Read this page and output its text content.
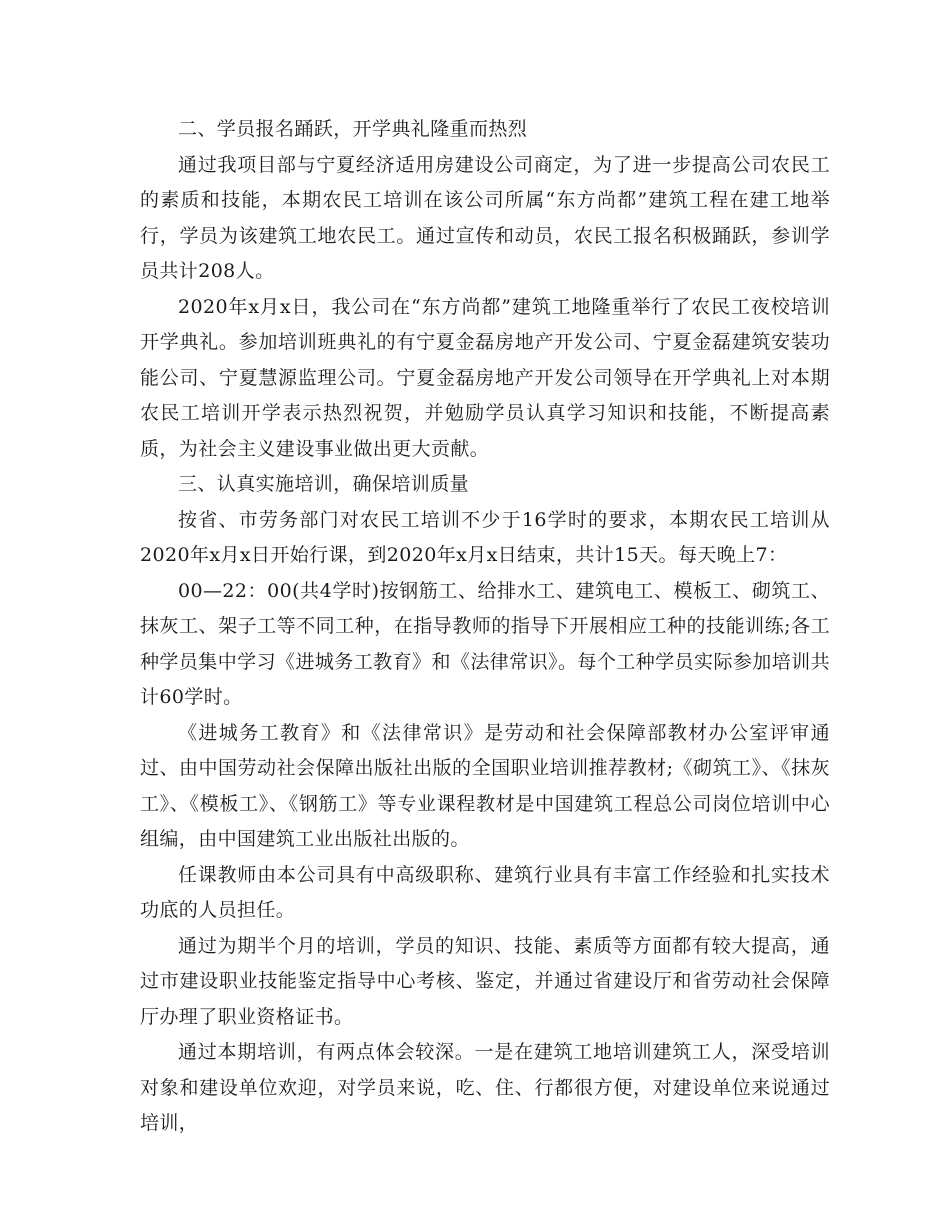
二、学员报名踊跃，开学典礼隆重而热烈

通过我项目部与宁夏经济适用房建设公司商定，为了进一步提高公司农民工的素质和技能，本期农民工培训在该公司所属“东方尚都”建筑工程在建工地举行，学员为该建筑工地农民工。通过宣传和动员，农民工报名积极踊跃，参训学员共计208人。

2020年x月x日，我公司在“东方尚都”建筑工地隆重举行了农民工夜校培训开学典礼。参加培训班典礼的有宁夏金磊房地产开发公司、宁夏金磊建筑安装功能公司、宁夏慧源监理公司。宁夏金磊房地产开发公司领导在开学典礼上对本期农民工培训开学表示热烈祝贺，并勉励学员认真学习知识和技能，不断提高素质，为社会主义建设事业做出更大贡献。

三、认真实施培训，确保培训质量

按省、市劳务部门对农民工培训不少于16学时的要求，本期农民工培训从2020年x月x日开始行课，到2020年x月x日结束，共计15天。每天晚上7：

00—22：00(共4学时)按钢筋工、给排水工、建筑电工、模板工、砌筑工、抹灰工、架子工等不同工种，在指导教师的指导下开展相应工种的技能训练;各工种学员集中学习《进城务工教育》和《法律常识》。每个工种学员实际参加培训共计60学时。

《进城务工教育》和《法律常识》是劳动和社会保障部教材办公室评审通过、由中国劳动社会保障出版社出版的全国职业培训推荐教材;《砌筑工》、《抹灰工》、《模板工》、《钢筋工》等专业课程教材是中国建筑工程总公司岗位培训中心组编，由中国建筑工业出版社出版的。

任课教师由本公司具有中高级职称、建筑行业具有丰富工作经验和扎实技术功底的人员担任。

通过为期半个月的培训，学员的知识、技能、素质等方面都有较大提高，通过市建设职业技能鉴定指导中心考核、鉴定，并通过省建设厅和省劳动社会保障厅办理了职业资格证书。

通过本期培训，有两点体会较深。一是在建筑工地培训建筑工人，深受培训对象和建设单位欢迎，对学员来说，吃、住、行都很方便，对建设单位来说通过培训，
